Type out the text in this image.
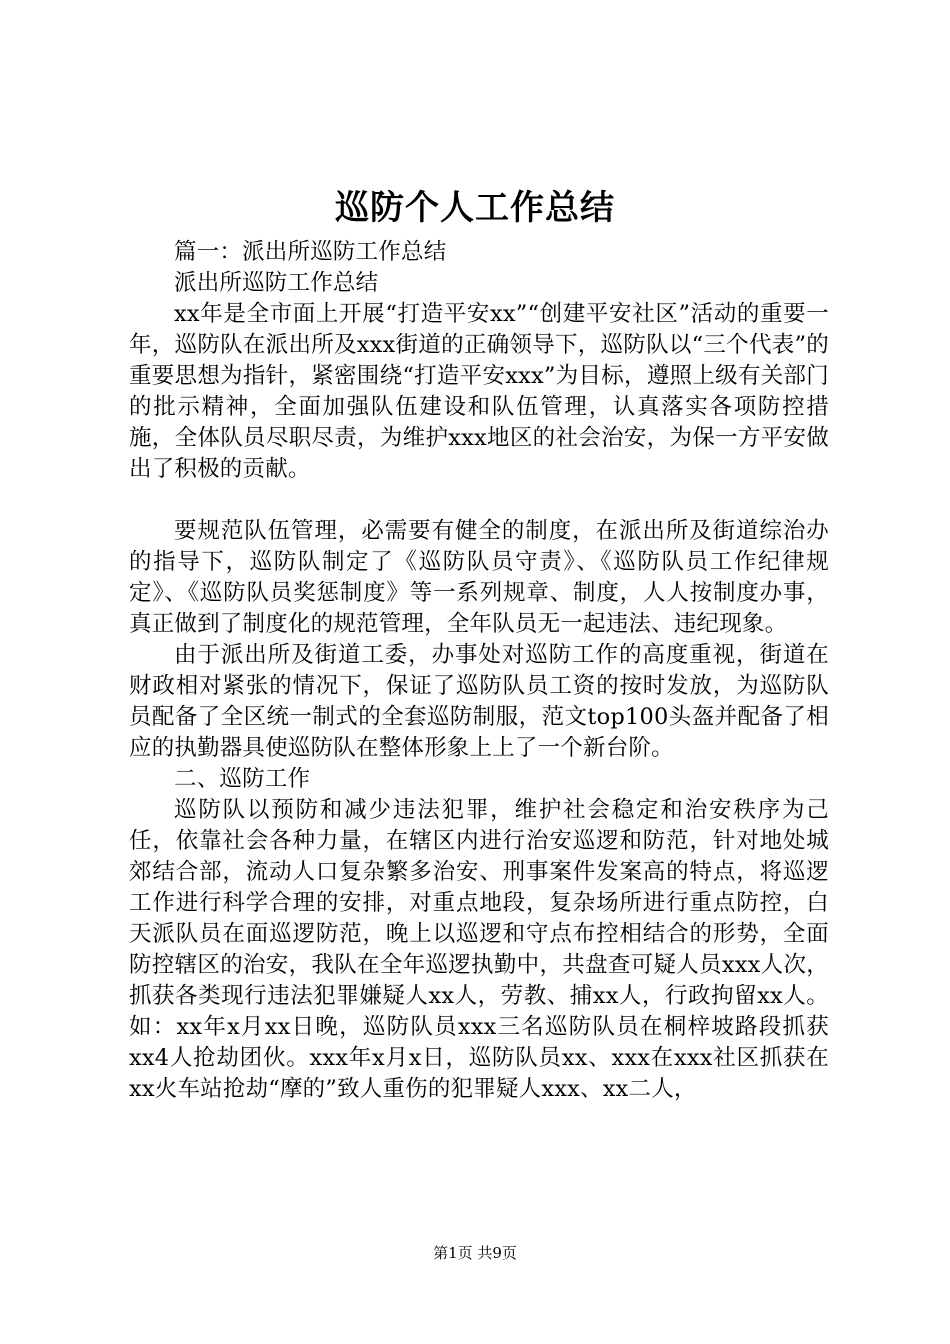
巡防个人工作总结

篇一：派出所巡防工作总结

派出所巡防工作总结

xx年是全市面上开展“打造平安xx”“创建平安社区”活动的重要一年，巡防队在派出所及xxx街道的正确领导下，巡防队以“三个代表”的重要思想为指针，紧密围绕“打造平安xxx”为目标，遵照上级有关部门的批示精神，全面加强队伍建设和队伍管理，认真落实各项防控措施，全体队员尽职尽责，为维护xxx地区的社会治安，为保一方平安做出了积极的贡献。

要规范队伍管理，必需要有健全的制度，在派出所及街道综治办的指导下，巡防队制定了《巡防队员守责》、《巡防队员工作纪律规定》、《巡防队员奖惩制度》等一系列规章、制度，人人按制度办事，真正做到了制度化的规范管理，全年队员无一起违法、违纪现象。

由于派出所及街道工委，办事处对巡防工作的高度重视，街道在财政相对紧张的情况下，保证了巡防队员工资的按时发放，为巡防队员配备了全区统一制式的全套巡防制服，范文top100头盔并配备了相应的执勤器具使巡防队在整体形象上上了一个新台阶。

二、巡防工作

巡防队以预防和减少违法犯罪，维护社会稳定和治安秩序为己任，依靠社会各种力量，在辖区内进行治安巡逻和防范，针对地处城郊结合部，流动人口复杂繁多治安、刑事案件发案高的特点，将巡逻工作进行科学合理的安排，对重点地段，复杂场所进行重点防控，白天派队员在面巡逻防范，晚上以巡逻和守点布控相结合的形势，全面防控辖区的治安，我队在全年巡逻执勤中，共盘查可疑人员xxx人次，抓获各类现行违法犯罪嫌疑人xx人，劳教、捕xx人，行政拘留xx人。如：xx年x月xx日晚，巡防队员xxx三名巡防队员在桐梓坡路段抓获xx4人抢劫团伙。xxx年x月x日，巡防队员xx、xxx在xxx社区抓获在xx火车站抢劫“摩的”致人重伤的犯罪疑人xxx、xx二人，

第1页 共9页
